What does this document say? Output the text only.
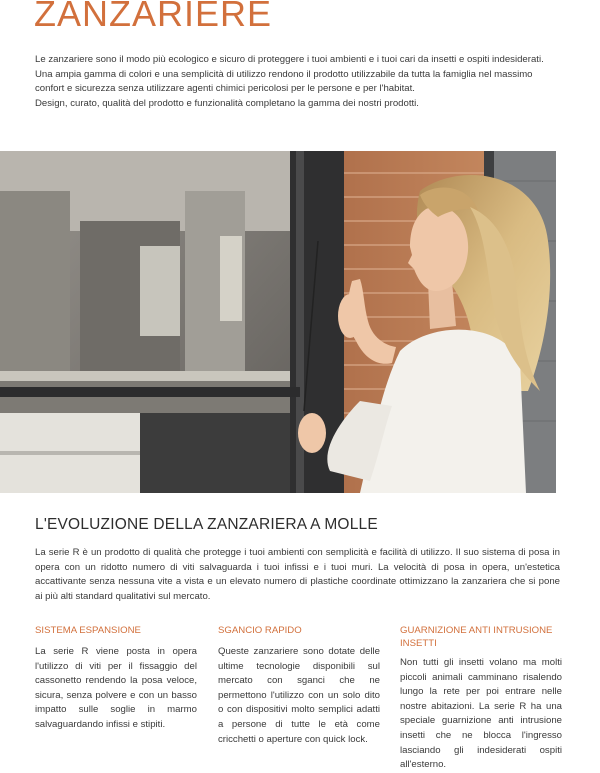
ZANZARIERE

Le zanzariere sono il modo più ecologico e sicuro di proteggere i tuoi ambienti e i tuoi cari da insetti e ospiti indesiderati.

Una ampia gamma di colori e una semplicità di utilizzo rendono il prodotto utilizzabile da tutta la famiglia nel massimo confort e sicurezza senza utilizzare agenti chimici pericolosi per le persone e per l'habitat.

Design, curato, qualità del prodotto e funzionalità completano la gamma dei nostri prodotti.

L'EVOLUZIONE DELLA ZANZARIERA A MOLLE

La serie R è un prodotto di qualità che protegge i tuoi ambienti con semplicità e facilità di utilizzo. Il suo sistema di posa in opera con un ridotto numero di viti salvaguarda i tuoi infissi e i tuoi muri. La velocità di posa in opera, un'estetica accattivante senza nessuna vite a vista e un elevato numero di plastiche coordinate ottimizzano la zanzariera che si pone ai più alti standard qualitativi sul mercato.

SISTEMA ESPANSIONE

La serie R viene posta in opera l'utilizzo di viti per il fissaggio del cassonetto rendendo la posa veloce, sicura, senza polvere e con un basso impatto sulle soglie in marmo salvaguardando infissi e stipiti.

SGANCIO RAPIDO

Queste zanzariere sono dotate delle ultime tecnologie disponibili sul mercato con sganci che ne permettono l'utilizzo con un solo dito o con dispositivi molto semplici adatti a persone di tutte le età come cricchetti o aperture con quick lock.

GUARNIZIONE ANTI INTRUSIONE INSETTI

Non tutti gli insetti volano ma molti piccoli animali camminano risalendo lungo la rete per poi entrare nelle nostre abitazioni. La serie R ha una speciale guarnizione anti intrusione insetti che ne blocca l'ingresso lasciando gli indesiderati ospiti all'esterno.
